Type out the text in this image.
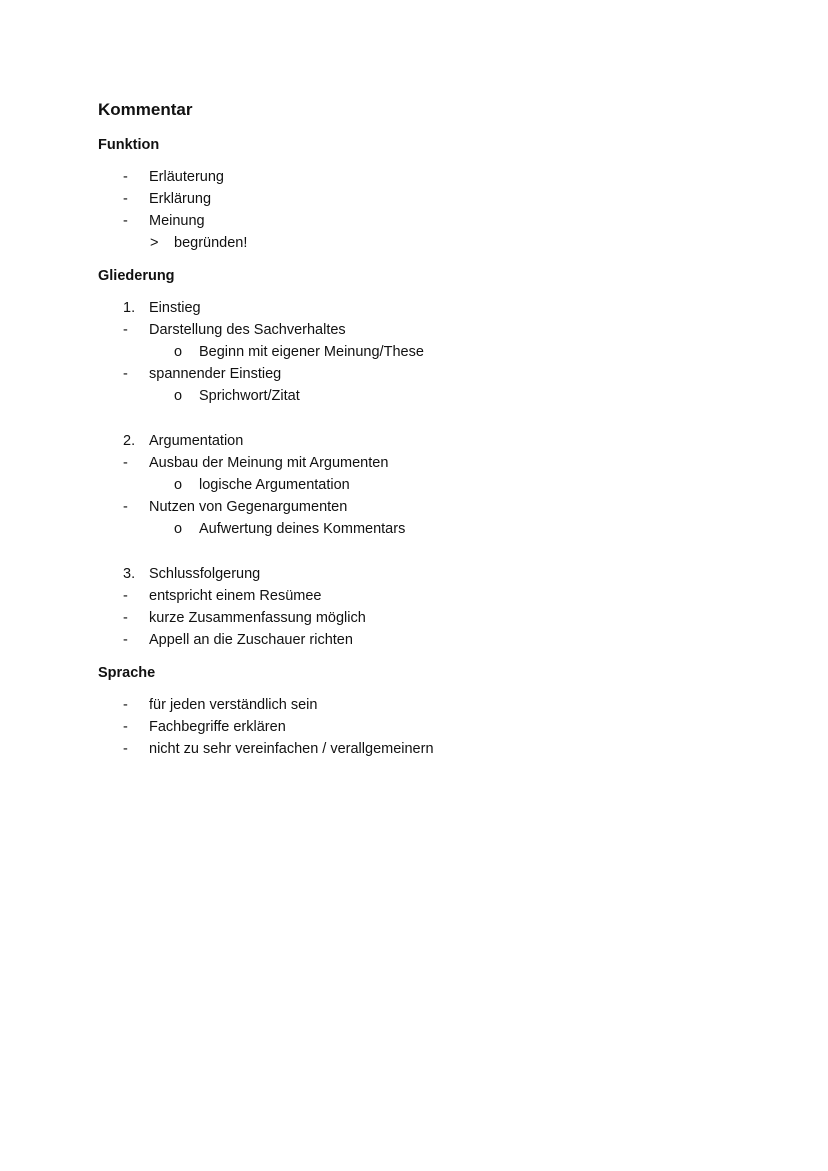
Kommentar
Funktion
- Erläuterung
- Erklärung
- Meinung
> begründen!
Gliederung
1. Einstieg
- Darstellung des Sachverhaltes
o Beginn mit eigener Meinung/These
- spannender Einstieg
o Sprichwort/Zitat
2. Argumentation
- Ausbau der Meinung mit Argumenten
o logische Argumentation
- Nutzen von Gegenargumenten
o Aufwertung deines Kommentars
3. Schlussfolgerung
- entspricht einem Resümee
- kurze Zusammenfassung möglich
- Appell an die Zuschauer richten
Sprache
- für jeden verständlich sein
- Fachbegriffe erklären
- nicht zu sehr vereinfachen / verallgemeinern
